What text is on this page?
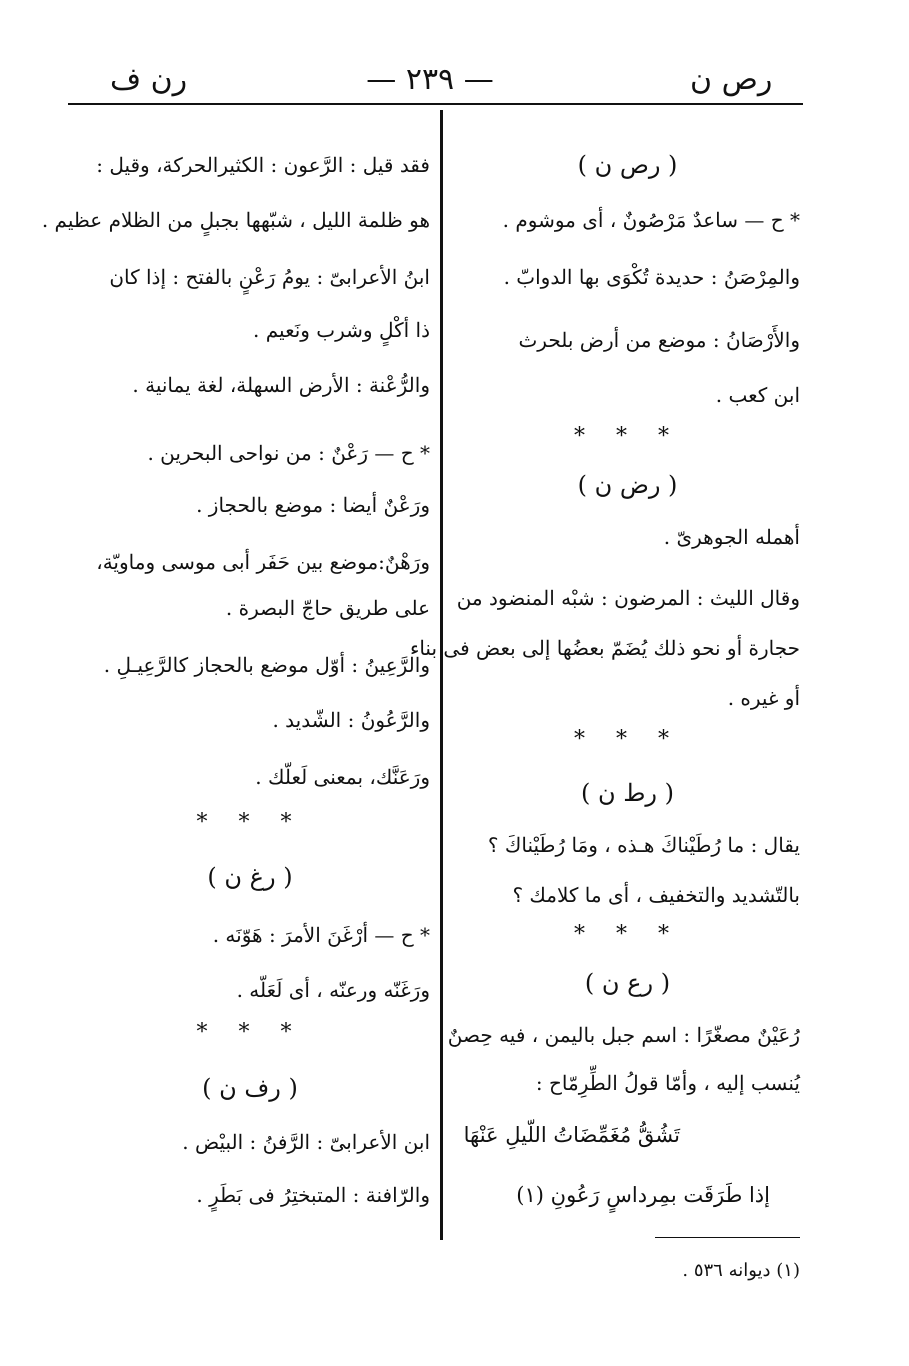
رص ن
— ٢٣٩ —
رن ف
( رص ن )
* ح — ساعدٌ مَرْصُونٌ ، أى موشوم .
والمِرْصَنُ : حديدة تُكْوَى بها الدوابّ .
والأَرْصَانُ : موضع من أرض بلحرث
ابن كعب .
* * *
( رض ن )
أهمله الجوهرىّ .
وقال الليث : المرضون : شبْه المنضود من
حجارة أو نحو ذلك يُضَمّ بعضُها إلى بعض فى بناء
أو غيره .
* * *
( رط ن )
يقال : ما رُطَيْناكَ هـذه ، ومَا رُطَيْناكَ ؟
بالتّشديد والتخفيف ، أى ما كلامك ؟
* * *
( رع ن )
رُعَيْنٌ مصغّرًا : اسم جبل باليمن ، فيه حِصنٌ
يُنسب إليه ، وأمّا قولُ الطِّرِمّاح :
تَشُقُّ مُغَمِّضَاتُ اللّيلِ عَنْهَا
إذا طَرَقَت بمِرداسٍ رَعُونِ (١)
فقد قيل : الرَّعون : الكثيرالحركة، وقيل :
هو ظلمة الليل ، شبّهها بجبلٍ من الظلام عظيم .
ابنُ الأعرابىّ : يومُ رَعْنٍ بالفتح : إذا كان
ذا أكْلٍ وشرب ونَعيم .
والرُّعْنة : الأرض السهلة، لغة يمانية .
* ح — رَعْنٌ : من نواحى البحرين .
ورَعْنٌ أيضا : موضع بالحجاز .
ورَهْنٌ:موضع بين حَفَر أبى موسى وماويّة،
على طريق حاجّ البصرة .
والرَّعِينُ : أوّل موضع بالحجاز كالرَّعِيـلِ .
والرَّعُونُ : الشّديد .
ورَعَنَّك، بمعنى لَعلّك .
* * *
( رغ ن )
* ح — أرْغَنَ الأمرَ : هَوّنَه .
ورَغَنّه ورعنّه ، أى لَعَلّه .
* * *
( رف ن )
ابن الأعرابىّ : الرَّفنُ : البيْض .
والرّافنة : المتبختِرُ فى بَطَرٍ .
(١) ديوانه ٥٣٦ .
